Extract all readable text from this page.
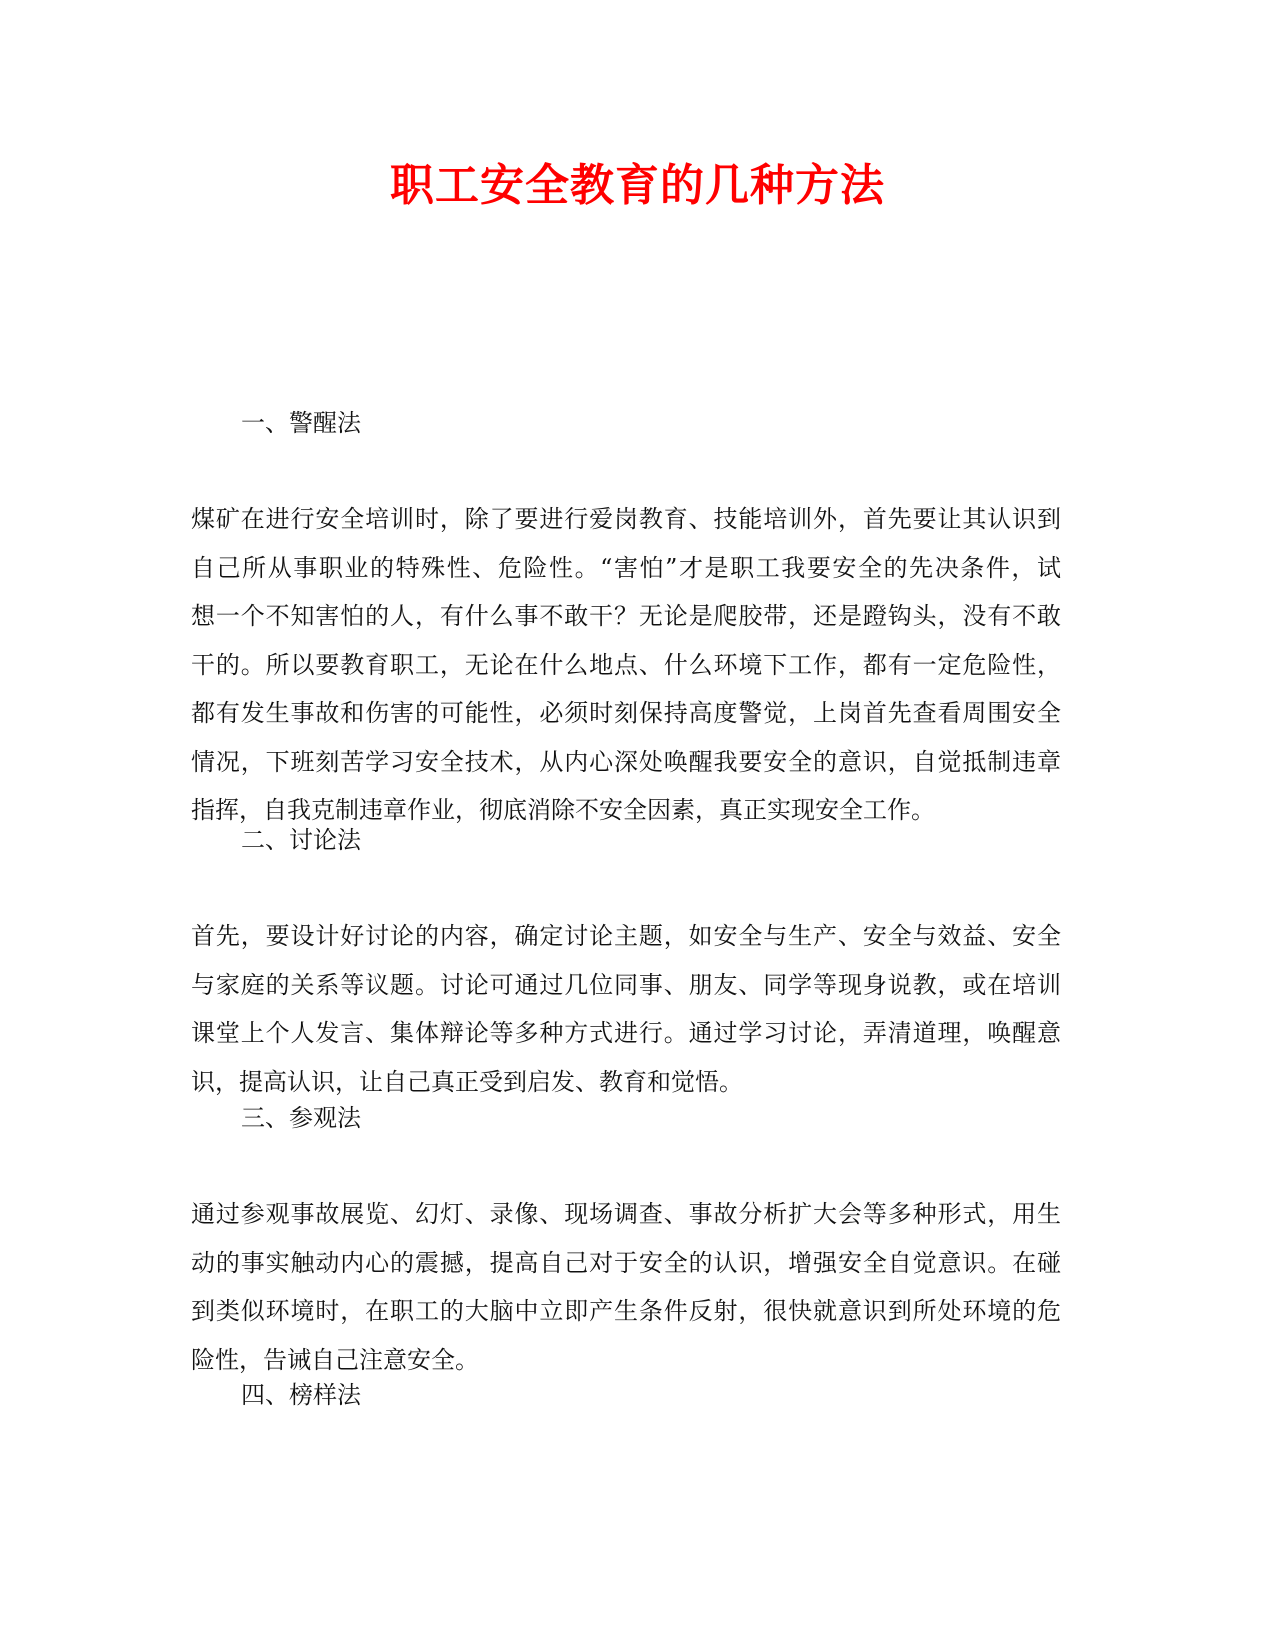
职工安全教育的几种方法

一、警醒法

煤矿在进行安全培训时，除了要进行爱岗教育、技能培训外，首先要让其认识到
自己所从事职业的特殊性、危险性。“害怕”才是职工我要安全的先决条件，试
想一个不知害怕的人，有什么事不敢干？无论是爬胶带，还是蹬钩头，没有不敢
干的。所以要教育职工，无论在什么地点、什么环境下工作，都有一定危险性，
都有发生事故和伤害的可能性，必须时刻保持高度警觉，上岗首先查看周围安全
情况，下班刻苦学习安全技术，从内心深处唤醒我要安全的意识，自觉抵制违章
指挥，自我克制违章作业，彻底消除不安全因素，真正实现安全工作。

二、讨论法

首先，要设计好讨论的内容，确定讨论主题，如安全与生产、安全与效益、安全
与家庭的关系等议题。讨论可通过几位同事、朋友、同学等现身说教，或在培训
课堂上个人发言、集体辩论等多种方式进行。通过学习讨论，弄清道理，唤醒意
识，提高认识，让自己真正受到启发、教育和觉悟。

三、参观法

通过参观事故展览、幻灯、录像、现场调查、事故分析扩大会等多种形式，用生
动的事实触动内心的震撼，提高自己对于安全的认识，增强安全自觉意识。在碰
到类似环境时，在职工的大脑中立即产生条件反射，很快就意识到所处环境的危
险性，告诫自己注意安全。

四、榜样法
